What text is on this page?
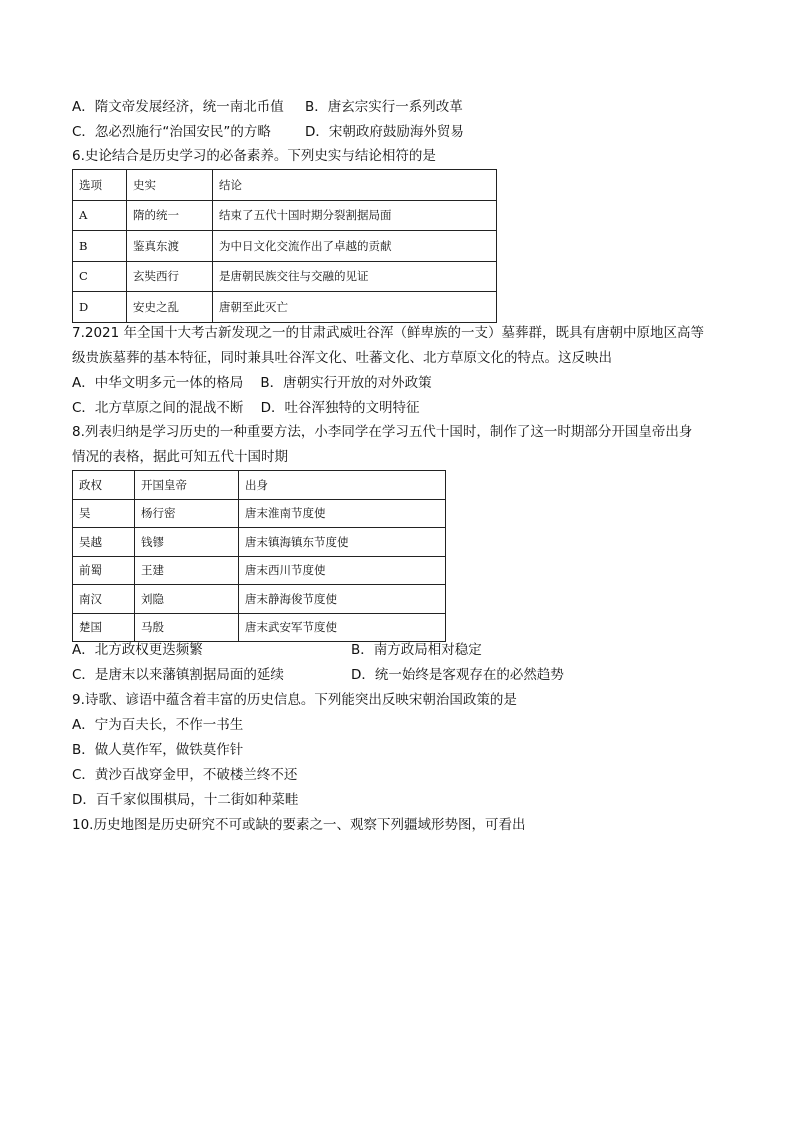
A．隋文帝发展经济，统一南北币值 B．唐玄宗实行一系列改革
C．忽必烈施行“治国安民”的方略	D．宋朝政府鼓励海外贸易
6.史论结合是历史学习的必备素养。下列史实与结论相符的是
选项	史实	结论
A	隋的统一	结束了五代十国时期分裂割据局面
B	鉴真东渡	为中日文化交流作出了卓越的贡献
C	玄奘西行	是唐朝民族交往与交融的见证
D	安史之乱	唐朝至此灭亡
7.2021 年全国十大考古新发现之一的甘肃武威吐谷浑（鲜卑族的一支）墓葬群，既具有唐朝中原地区高等
级贵族墓葬的基本特征，同时兼具吐谷浑文化、吐蕃文化、北方草原文化的特点。这反映出
A．中华文明多元一体的格局    B．唐朝实行开放的对外政策
C．北方草原之间的混战不断    D．吐谷浑独特的文明特征
8.列表归纳是学习历史的一种重要方法，小李同学在学习五代十国时，制作了这一时期部分开国皇帝出身
情况的表格，据此可知五代十国时期
政权	开国皇帝	出身
吴	杨行密	唐末淮南节度使
吴越	钱镠	唐末镇海镇东节度使
前蜀	王建	唐末西川节度使
南汉	刘隐	唐末静海俊节度使
楚国	马殷	唐末武安军节度使
A．北方政权更迭频繁	B．南方政局相对稳定
C．是唐末以来藩镇割据局面的延续	D．统一始终是客观存在的必然趋势
9.诗歌、谚语中蕴含着丰富的历史信息。下列能突出反映宋朝治国政策的是
A．宁为百夫长，不作一书生
B．做人莫作军，做铁莫作针
C．黄沙百战穿金甲，不破楼兰终不还
D．百千家似围棋局，十二街如种菜畦
10.历史地图是历史研究不可或缺的要素之一、观察下列疆域形势图，可看出
